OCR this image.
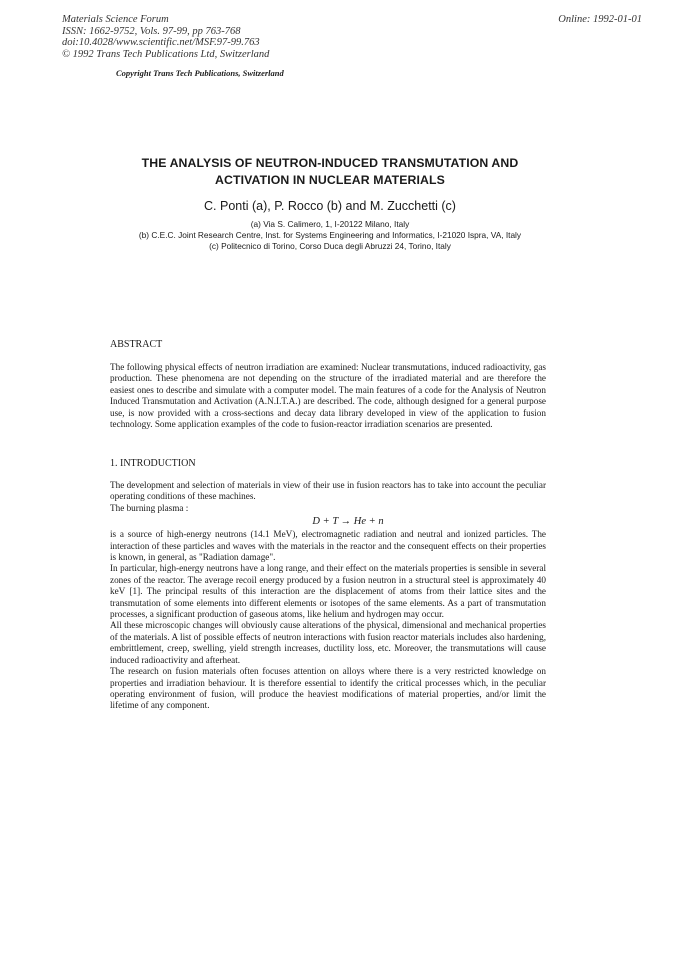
Materials Science Forum
ISSN: 1662-9752, Vols. 97-99, pp 763-768
doi:10.4028/www.scientific.net/MSF.97-99.763
© 1992 Trans Tech Publications Ltd, Switzerland
Online: 1992-01-01
Copyright Trans Tech Publications, Switzerland
THE ANALYSIS OF NEUTRON-INDUCED TRANSMUTATION AND
ACTIVATION IN NUCLEAR MATERIALS
C. Ponti (a), P. Rocco (b) and M. Zucchetti (c)
(a) Via S. Calimero, 1, I-20122 Milano, Italy
(b) C.E.C. Joint Research Centre, Inst. for Systems Engineering and Informatics, I-21020 Ispra, VA, Italy
(c) Politecnico di Torino, Corso Duca degli Abruzzi 24, Torino, Italy
ABSTRACT

The following physical effects of neutron irradiation are examined: Nuclear transmutations, induced radioactivity, gas production. These phenomena are not depending on the structure of the irradiated material and are therefore the easiest ones to describe and simulate with a computer model. The main features of a code for the Analysis of Neutron Induced Transmutation and Activation (A.N.I.T.A.) are described. The code, although designed for a general purpose use, is now provided with a cross-sections and decay data library developed in view of the application to fusion technology. Some application examples of the code to fusion-reactor irradiation scenarios are presented.

1. INTRODUCTION

The development and selection of materials in view of their use in fusion reactors has to take into account the peculiar operating conditions of these machines.

The burning plasma :

D + T → He + n

is a source of high-energy neutrons (14.1 MeV), electromagnetic radiation and neutral and ionized particles. The interaction of these particles and waves with the materials in the reactor and the consequent effects on their properties is known, in general, as "Radiation damage".

In particular, high-energy neutrons have a long range, and their effect on the materials properties is sensible in several zones of the reactor. The average recoil energy produced by a fusion neutron in a structural steel is approximately 40 keV [1]. The principal results of this interaction are the displacement of atoms from their lattice sites and the transmutation of some elements into different elements or isotopes of the same elements. As a part of transmutation processes, a significant production of gaseous atoms, like helium and hydrogen may occur.

All these microscopic changes will obviously cause alterations of the physical, dimensional and mechanical properties of the materials. A list of possible effects of neutron interactions with fusion reactor materials includes also hardening, embrittlement, creep, swelling, yield strength increases, ductility loss, etc. Moreover, the transmutations will cause induced radioactivity and afterheat.

The research on fusion materials often focuses attention on alloys where there is a very restricted knowledge on properties and irradiation behaviour. It is therefore essential to identify the critical processes which, in the peculiar operating environment of fusion, will produce the heaviest modifications of material properties, and/or limit the lifetime of any component.
